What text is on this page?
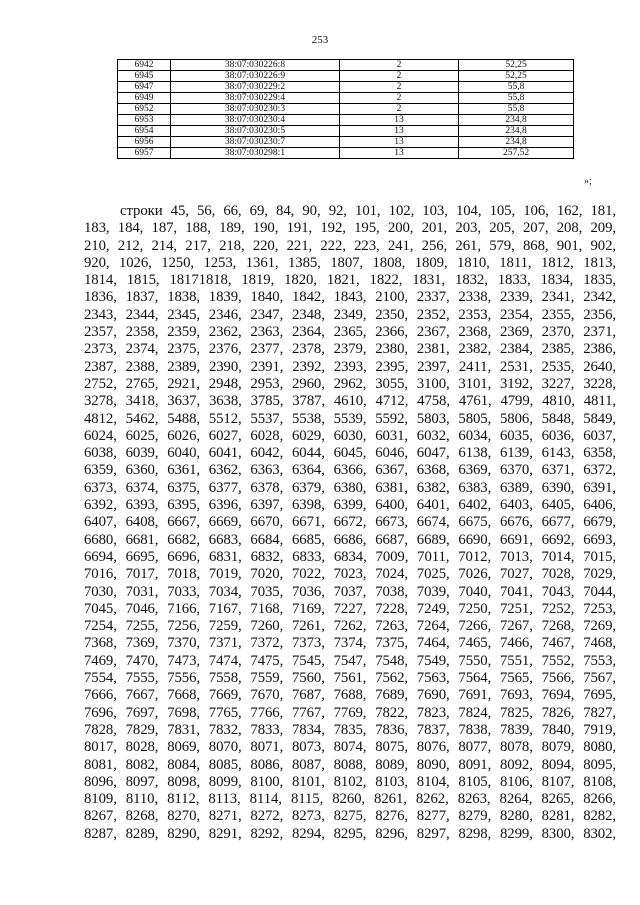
253
6942	38:07:030226:8	2	52,25
6945	38:07:030226:9	2	52,25
6947	38:07:030229:2	2	55,8
6949	38:07:030229:4	2	55,8
6952	38:07:030230:3	2	55,8
6953	38:07:030230:4	13	234,8
6954	38:07:030230:5	13	234,8
6956	38:07:030230:7	13	234,8
6957	38:07:030298:1	13	257,52
»;
строки 45, 56, 66, 69, 84, 90, 92, 101, 102, 103, 104, 105, 106, 162, 181,
183, 184, 187, 188, 189, 190, 191, 192, 195, 200, 201, 203, 205, 207, 208, 209,
210, 212, 214, 217, 218, 220, 221, 222, 223, 241, 256, 261, 579, 868, 901, 902,
920, 1026, 1250, 1253, 1361, 1385, 1807, 1808, 1809, 1810, 1811, 1812, 1813,
1814, 1815, 18171818, 1819, 1820, 1821, 1822, 1831, 1832, 1833, 1834, 1835,
1836, 1837, 1838, 1839, 1840, 1842, 1843, 2100, 2337, 2338, 2339, 2341, 2342,
2343, 2344, 2345, 2346, 2347, 2348, 2349, 2350, 2352, 2353, 2354, 2355, 2356,
2357, 2358, 2359, 2362, 2363, 2364, 2365, 2366, 2367, 2368, 2369, 2370, 2371,
2373, 2374, 2375, 2376, 2377, 2378, 2379, 2380, 2381, 2382, 2384, 2385, 2386,
2387, 2388, 2389, 2390, 2391, 2392, 2393, 2395, 2397, 2411, 2531, 2535, 2640,
2752, 2765, 2921, 2948, 2953, 2960, 2962, 3055, 3100, 3101, 3192, 3227, 3228,
3278, 3418, 3637, 3638, 3785, 3787, 4610, 4712, 4758, 4761, 4799, 4810, 4811,
4812, 5462, 5488, 5512, 5537, 5538, 5539, 5592, 5803, 5805, 5806, 5848, 5849,
6024, 6025, 6026, 6027, 6028, 6029, 6030, 6031, 6032, 6034, 6035, 6036, 6037,
6038, 6039, 6040, 6041, 6042, 6044, 6045, 6046, 6047, 6138, 6139, 6143, 6358,
6359, 6360, 6361, 6362, 6363, 6364, 6366, 6367, 6368, 6369, 6370, 6371, 6372,
6373, 6374, 6375, 6377, 6378, 6379, 6380, 6381, 6382, 6383, 6389, 6390, 6391,
6392, 6393, 6395, 6396, 6397, 6398, 6399, 6400, 6401, 6402, 6403, 6405, 6406,
6407, 6408, 6667, 6669, 6670, 6671, 6672, 6673, 6674, 6675, 6676, 6677, 6679,
6680, 6681, 6682, 6683, 6684, 6685, 6686, 6687, 6689, 6690, 6691, 6692, 6693,
6694, 6695, 6696, 6831, 6832, 6833, 6834, 7009, 7011, 7012, 7013, 7014, 7015,
7016, 7017, 7018, 7019, 7020, 7022, 7023, 7024, 7025, 7026, 7027, 7028, 7029,
7030, 7031, 7033, 7034, 7035, 7036, 7037, 7038, 7039, 7040, 7041, 7043, 7044,
7045, 7046, 7166, 7167, 7168, 7169, 7227, 7228, 7249, 7250, 7251, 7252, 7253,
7254, 7255, 7256, 7259, 7260, 7261, 7262, 7263, 7264, 7266, 7267, 7268, 7269,
7368, 7369, 7370, 7371, 7372, 7373, 7374, 7375, 7464, 7465, 7466, 7467, 7468,
7469, 7470, 7473, 7474, 7475, 7545, 7547, 7548, 7549, 7550, 7551, 7552, 7553,
7554, 7555, 7556, 7558, 7559, 7560, 7561, 7562, 7563, 7564, 7565, 7566, 7567,
7666, 7667, 7668, 7669, 7670, 7687, 7688, 7689, 7690, 7691, 7693, 7694, 7695,
7696, 7697, 7698, 7765, 7766, 7767, 7769, 7822, 7823, 7824, 7825, 7826, 7827,
7828, 7829, 7831, 7832, 7833, 7834, 7835, 7836, 7837, 7838, 7839, 7840, 7919,
8017, 8028, 8069, 8070, 8071, 8073, 8074, 8075, 8076, 8077, 8078, 8079, 8080,
8081, 8082, 8084, 8085, 8086, 8087, 8088, 8089, 8090, 8091, 8092, 8094, 8095,
8096, 8097, 8098, 8099, 8100, 8101, 8102, 8103, 8104, 8105, 8106, 8107, 8108,
8109, 8110, 8112, 8113, 8114, 8115, 8260, 8261, 8262, 8263, 8264, 8265, 8266,
8267, 8268, 8270, 8271, 8272, 8273, 8275, 8276, 8277, 8279, 8280, 8281, 8282,
8287, 8289, 8290, 8291, 8292, 8294, 8295, 8296, 8297, 8298, 8299, 8300, 8302,
